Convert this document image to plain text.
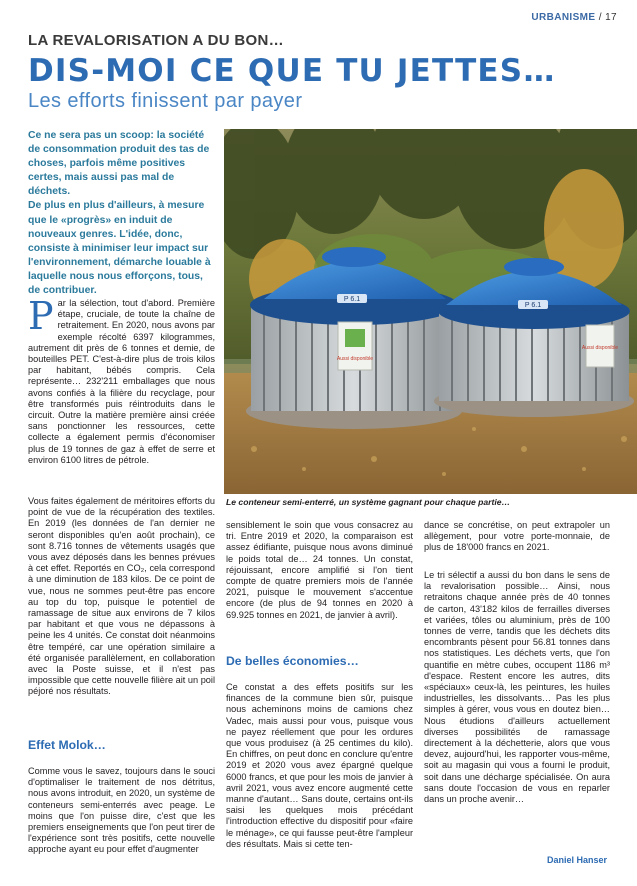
URBANISME / 17
LA REVALORISATION A DU BON…
DIS-MOI CE QUE TU JETTES…
Les efforts finissent par payer

Ce ne sera pas un scoop: la société de consommation produit des tas de choses, parfois même positives certes, mais aussi pas mal de déchets.

De plus en plus d'ailleurs, à mesure que le «progrès» en induit de nouveaux genres. L'idée, donc, consiste à minimiser leur impact sur l'environnement, démarche louable à laquelle nous nous efforçons, tous, de contribuer.

P 6.1
Aussi disponible
P 6.1
Aussi disponible
Le conteneur semi-enterré, un système gagnant pour chaque partie…
P ar la sélection, tout d'abord. Première étape, cruciale, de toute la chaîne de retraitement. En 2020, nous avons par exemple récolté 6397 kilogrammes, autrement dit près de 6 tonnes et demie, de bouteilles PET. C'est-à-dire plus de trois kilos par habitant, bébés compris. Cela représente… 232'211 emballages que nous avons confiés à la filière du recyclage, pour être transformés puis réintroduits dans le circuit. Outre la matière première ainsi créée sans ponctionner les ressources, cette collecte a également permis d'économiser plus de 19 tonnes de gaz à effet de serre et environ 6100 litres de pétrole.

Vous faites également de méritoires efforts du point de vue de la récupération des textiles. En 2019 (les données de l'an dernier ne seront disponibles qu'en août prochain), ce sont 8.716 tonnes de vêtements usagés que vous avez déposés dans les bennes prévues à cet effet. Reportés en CO₂, cela correspond à une diminution de 183 kilos. De ce point de vue, nous ne sommes peut-être pas encore au top du top, puisque le potentiel de ramassage de situe aux environs de 7 kilos par habitant et que vous ne dépassons à peine les 4 unités. Ce constat doit néanmoins être tempéré, car une opération similaire a été organisée parallèlement, en collaboration avec la Poste suisse, et il n'est pas impossible que cette nouvelle filière ait un poil péjoré nos résultats.

Effet Molok…

Comme vous le savez, toujours dans le souci d'optimaliser le traitement de nos détritus, nous avons introduit, en 2020, un système de conteneurs semi-enterrés avec peage. Le moins que l'on puisse dire, c'est que les premiers enseignements que l'on peut tirer de l'expérience sont très positifs, cette nouvelle approche ayant eu pour effet d'augmenter

sensiblement le soin que vous consacrez au tri. Entre 2019 et 2020, la comparaison est assez édifiante, puisque nous avons diminué le poids total de… 24 tonnes. Un constat, réjouissant, encore amplifié si l'on tient compte de quatre premiers mois de l'année 2021, puisque le mouvement s'accentue encore (de plus de 94 tonnes en 2020 à 69.925 tonnes en 2021, de janvier à avril).

De belles économies…

Ce constat a des effets positifs sur les finances de la commune bien sûr, puisque nous acheminons moins de camions chez Vadec, mais aussi pour vous, puisque vous ne payez réellement que pour les ordures que vous produisez (à 25 centimes du kilo). En chiffres, on peut donc en conclure qu'entre 2019 et 2020 vous avez épargné quelque 6000 francs, et que pour les mois de janvier à avril 2021, vous avez encore augmenté cette manne d'autant… Sans doute, certains ont-ils saisi les quelques mois précédant l'introduction effective du dispositif pour «faire le ménage», ce qui fausse peut-être l'ampleur des résultats. Mais si cette ten-

dance se concrétise, on peut extrapoler un allègement, pour votre porte-monnaie, de plus de 18'000 francs en 2021.

Le tri sélectif a aussi du bon dans le sens de la revalorisation possible… Ainsi, nous retraitons chaque année près de 40 tonnes de carton, 43'182 kilos de ferrailles diverses et variées, tôles ou aluminium, près de 100 tonnes de verre, tandis que les déchets dits encombrants pèsent pour 56.81 tonnes dans nos statistiques. Les déchets verts, que l'on quantifie en mètre cubes, occupent 1186 m³ d'espace. Restent encore les autres, dits «spéciaux» ceux-là, les peintures, les huiles industrielles, les dissolvants… Pas les plus simples à gérer, vous vous en doutez bien… Nous étudions d'ailleurs actuellement diverses possibilités de ramassage directement à la déchetterie, alors que vous devez, aujourd'hui, les rapporter vous-même, soit au magasin qui vous a fourni le produit, soit dans une décharge spécialisée. On aura sans doute l'occasion de vous en reparler dans un proche avenir…

Daniel Hanser
